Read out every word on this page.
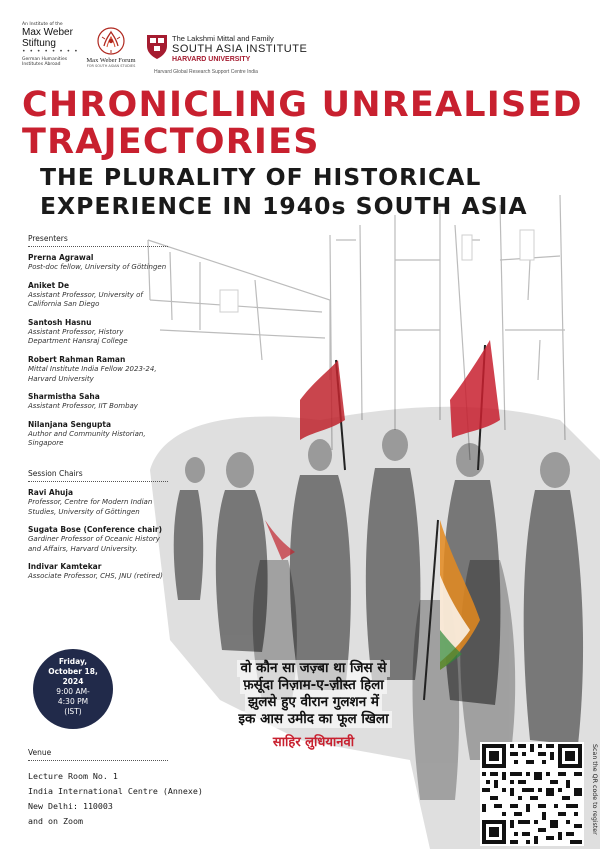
An Institute of the
Max Weber
Stiftung
• • • • • • • •
German Humanities
Institutes Abroad
Max Weber Forum
FOR SOUTH ASIAN STUDIES
The Lakshmi Mittal and Family
SOUTH ASIA INSTITUTE
HARVARD UNIVERSITY
Harvard Global Research Support Centre India
CHRONICLING UNREALISED
TRAJECTORIES
THE PLURALITY OF HISTORICAL
EXPERIENCE IN 1940s SOUTH ASIA
Presenters
Prerna Agrawal
Post-doc fellow, University of Göttingen
Aniket De
Assistant Professor, University of California San Diego
Santosh Hasnu
Assistant Professor, History Department Hansraj College
Robert Rahman Raman
Mittal Institute India Fellow 2023-24, Harvard University
Sharmistha Saha
Assistant Professor, IIT Bombay
Nilanjana Sengupta
Author and Community Historian, Singapore
Session Chairs
Ravi Ahuja
Professor, Centre for Modern Indian Studies, University of Göttingen
Sugata Bose (Conference chair)
Gardiner Professor of Oceanic History and Affairs, Harvard University.
Indivar Kamtekar
Associate Professor, CHS, JNU (retired)
Friday,
October 18,
2024
9:00 AM-
4:30 PM
(IST)
Venue
Lecture Room No. 1
India International Centre (Annexe)
New Delhi: 110003
and on Zoom
वो कौन सा जज़्बा था जिस से
फ़र्सूदा निज़ाम-ए-ज़ीस्त हिला
झुलसे हुए वीरान गुलशन में
इक आस उमीद का फूल खिला
साहिर लुधियानवी
Scan the QR code to register
